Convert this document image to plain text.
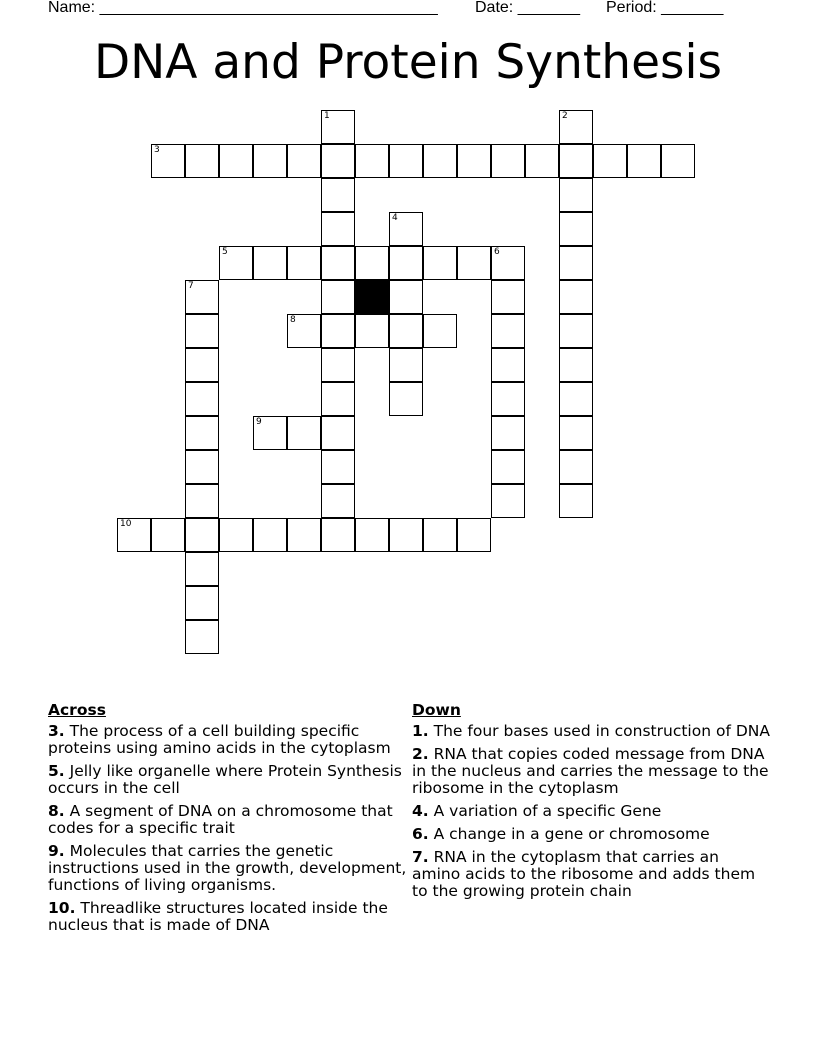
Name: ______________________________________ Date: _______ Period: _______
DNA and Protein Synthesis
1	2
3
4
5	6
7
8
9
10
Across
3. The process of a cell building specific proteins using amino acids in the cytoplasm
5. Jelly like organelle where Protein Synthesis occurs in the cell
8. A segment of DNA on a chromosome that codes for a specific trait
9. Molecules that carries the genetic instructions used in the growth, development, functions of living organisms.
10. Threadlike structures located inside the nucleus that is made of DNA
Down
1. The four bases used in construction of DNA
2. RNA that copies coded message from DNA in the nucleus and carries the message to the ribosome in the cytoplasm
4. A variation of a specific Gene
6. A change in a gene or chromosome
7. RNA in the cytoplasm that carries an amino acids to the ribosome and adds them to the growing protein chain
